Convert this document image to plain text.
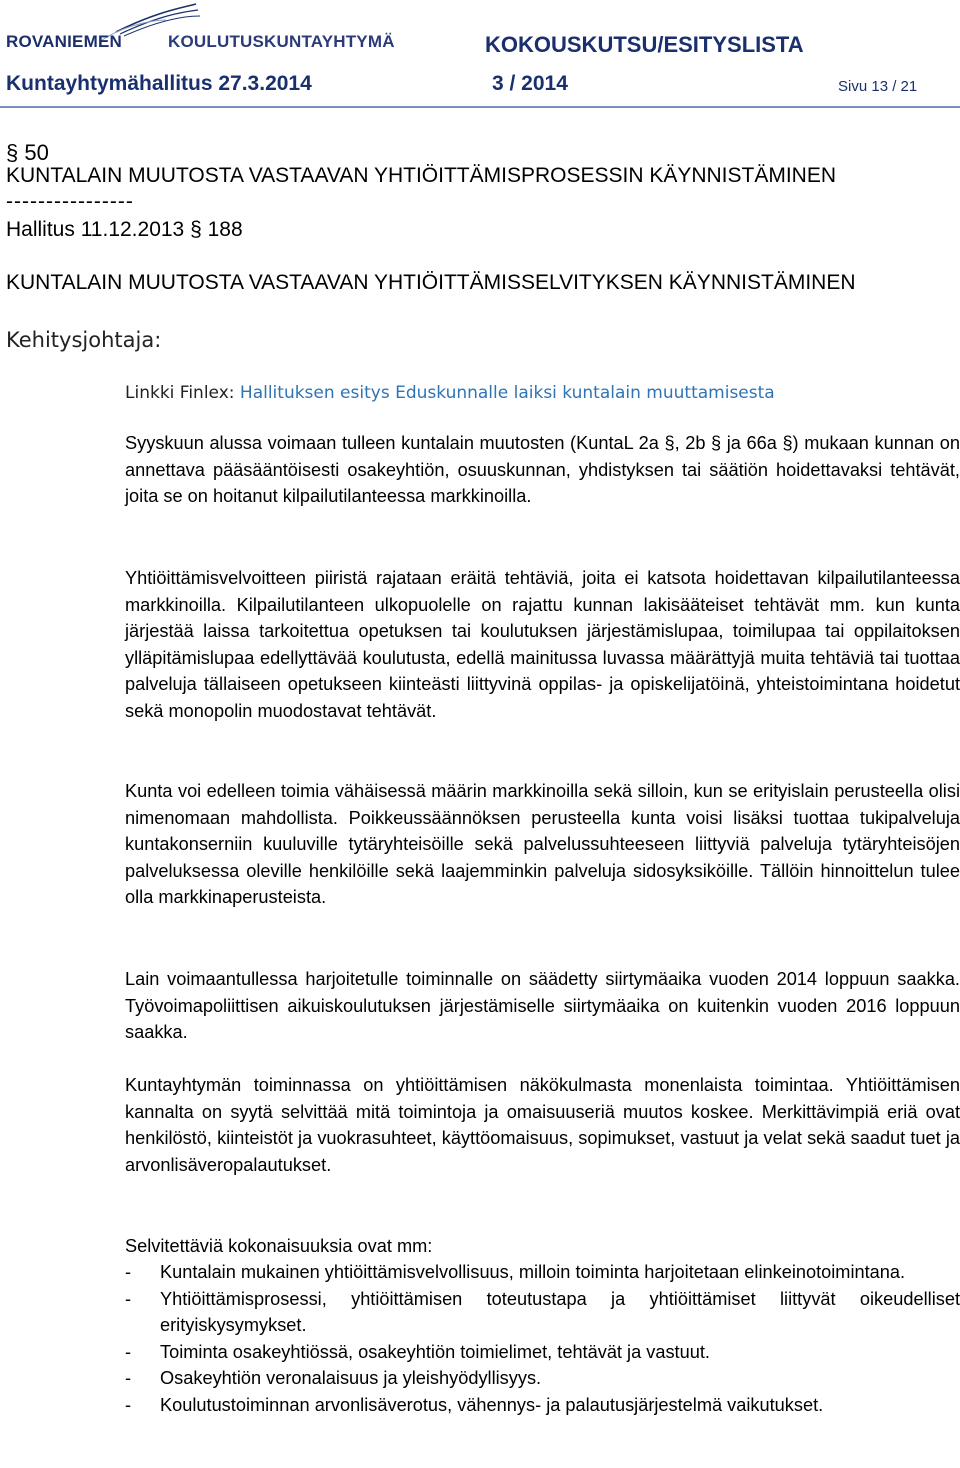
ROVANIEMEN	KOULUTUSKUNTAYHTYMÄ	KOKOUSKUTSU/ESITYSLISTA
Kuntayhtymähallitus 27.3.2014	3 / 2014	Sivu 13 / 21
§ 50
KUNTALAIN MUUTOSTA VASTAAVAN YHTIÖITTÄMISPROSESSIN KÄYNNISTÄMINEN
----------------
Hallitus 11.12.2013 § 188
KUNTALAIN MUUTOSTA VASTAAVAN YHTIÖITTÄMISSELVITYKSEN KÄYNNISTÄMINEN
Kehitysjohtaja:
Linkki Finlex: Hallituksen esitys Eduskunnalle laiksi kuntalain muuttamisesta

Syyskuun alussa voimaan tulleen kuntalain muutosten (KuntaL 2a §, 2b § ja 66a §) mukaan kunnan on annettava pääsääntöisesti osakeyhtiön, osuuskunnan, yhdistyksen tai säätiön hoidettavaksi tehtävät, joita se on hoitanut kilpailutilanteessa markkinoilla.

Yhtiöittämisvelvoitteen piiristä rajataan eräitä tehtäviä, joita ei katsota hoidettavan kilpailutilanteessa markkinoilla. Kilpailutilanteen ulkopuolelle on rajattu kunnan lakisääteiset tehtävät mm. kun kunta järjestää laissa tarkoitettua opetuksen tai koulutuksen järjestämislupaa, toimilupaa tai oppilaitoksen ylläpitämislupaa edellyttävää koulutusta, edellä mainitussa luvassa määrättyjä muita tehtäviä tai tuottaa palveluja tällaiseen opetukseen kiinteästi liittyvinä oppilas- ja opiskelijatöinä, yhteistoimintana hoidetut sekä monopolin muodostavat tehtävät.

Kunta voi edelleen toimia vähäisessä määrin markkinoilla sekä silloin, kun se erityislain perusteella olisi nimenomaan mahdollista. Poikkeussäännöksen perusteella kunta voisi lisäksi tuottaa tukipalveluja kuntakonserniin kuuluville tytäryhteisöille sekä palvelussuhteeseen liittyviä palveluja tytäryhteisöjen palveluksessa oleville henkilöille sekä laajemminkin palveluja sidosyksiköille. Tällöin hinnoittelun tulee olla markkinaperusteista.

Lain voimaantullessa harjoitetulle toiminnalle on säädetty siirtymäaika vuoden 2014 loppuun saakka. Työvoimapoliittisen aikuiskoulutuksen järjestämiselle siirtymäaika on kuitenkin vuoden 2016 loppuun saakka.

Kuntayhtymän toiminnassa on yhtiöittämisen näkökulmasta monenlaista toimintaa. Yhtiöittämisen kannalta on syytä selvittää mitä toimintoja ja omaisuuseriä muutos koskee. Merkittävimpiä eriä ovat henkilöstö, kiinteistöt ja vuokrasuhteet, käyttöomaisuus, sopimukset, vastuut ja velat sekä saadut tuet ja arvonlisäveropalautukset.

Selvitettäviä kokonaisuuksia ovat mm:

- Kuntalain mukainen yhtiöittämisvelvollisuus, milloin toiminta harjoitetaan elinkeinotoimintana.
- Yhtiöittämisprosessi, yhtiöittämisen toteutustapa ja yhtiöittämiset liittyvät oikeudelliset erityiskysymykset.
- Toiminta osakeyhtiössä, osakeyhtiön toimielimet, tehtävät ja vastuut.
- Osakeyhtiön veronalaisuus ja yleishyödyllisyys.
- Koulutustoiminnan arvonlisäverotus, vähennys- ja palautusjärjestelmä vaikutukset.
